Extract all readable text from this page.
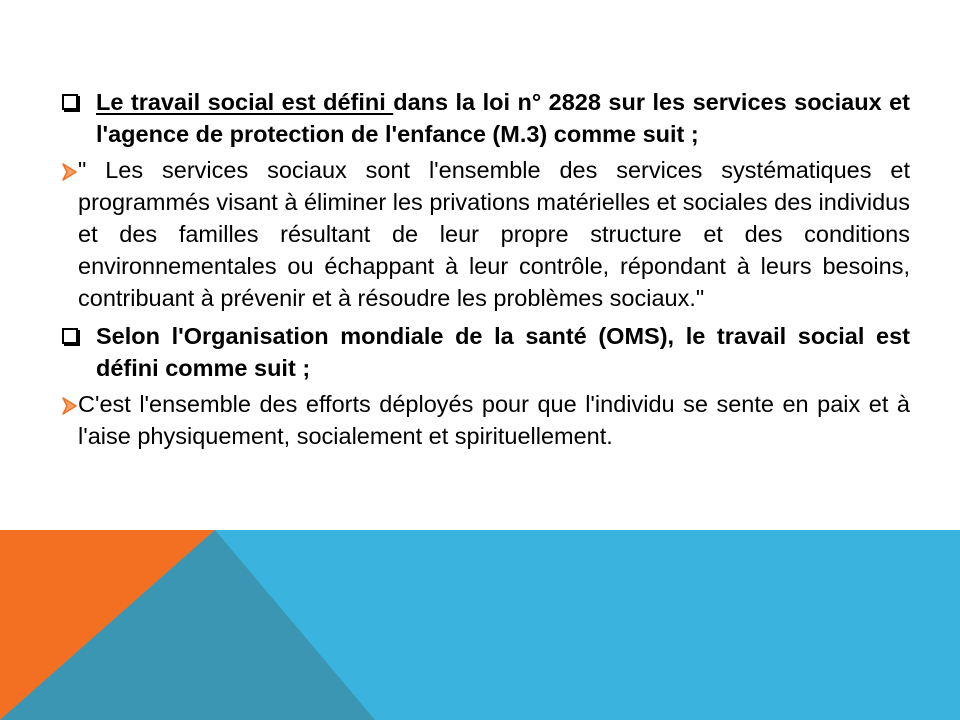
Le travail social est défini dans la loi n° 2828 sur les services sociaux et l'agence de protection de l'enfance (M.3) comme suit ;

" Les services sociaux sont l'ensemble des services systématiques et programmés visant à éliminer les privations matérielles et sociales des individus et des familles résultant de leur propre structure et des conditions environnementales ou échappant à leur contrôle, répondant à leurs besoins, contribuant à prévenir et à résoudre les problèmes sociaux."

Selon l'Organisation mondiale de la santé (OMS), le travail social est défini comme suit ;

C'est l'ensemble des efforts déployés pour que l'individu se sente en paix et à l'aise physiquement, socialement et spirituellement.
